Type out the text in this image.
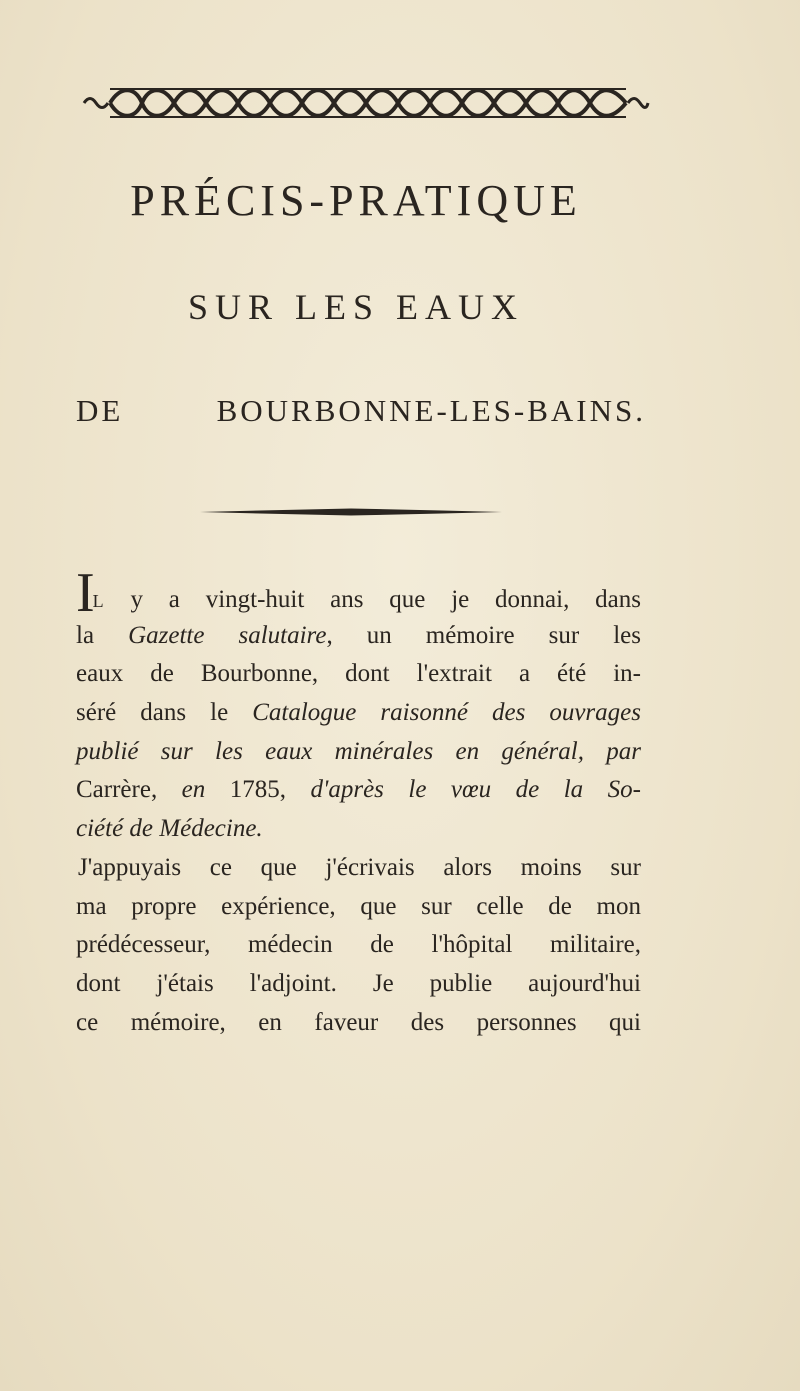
PRÉCIS-PRATIQUE
SUR LES EAUX
DE BOURBONNE-LES-BAINS.
IL y a vingt-huit ans que je donnai, dans
la Gazette salutaire, un mémoire sur les
eaux de Bourbonne, dont l'extrait a été in-
séré dans le Catalogue raisonné des ouvrages
publié sur les eaux minérales en général, par
Carrère, en 1785, d'après le vœu de la So-
ciété de Médecine.
J'appuyais ce que j'écrivais alors moins sur
ma propre expérience, que sur celle de mon
prédécesseur, médecin de l'hôpital militaire,
dont j'étais l'adjoint. Je publie aujourd'hui
ce mémoire, en faveur des personnes qui
